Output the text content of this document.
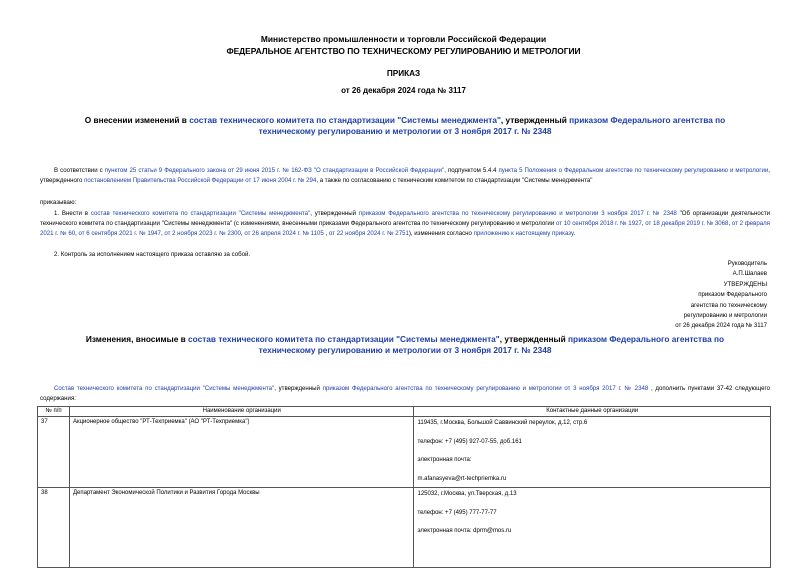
Министерство промышленности и торговли Российской Федерации
ФЕДЕРАЛЬНОЕ АГЕНТСТВО ПО ТЕХНИЧЕСКОМУ РЕГУЛИРОВАНИЮ И МЕТРОЛОГИИ
ПРИКАЗ
от 26 декабря 2024 года № 3117
О внесении изменений в состав технического комитета по стандартизации "Системы менеджмента", утвержденный приказом Федерального агентства по техническому регулированию и метрологии от 3 ноября 2017 г. № 2348
В соответствии с пунктом 25 статьи 9 Федерального закона от 29 июня 2015 г. № 162-ФЗ "О стандартизации в Российской Федерации", подпунктом 5.4.4 пункта 5 Положения о Федеральном агентстве по техническому регулированию и метрологии, утвержденного постановлением Правительства Российской Федерации от 17 июня 2004 г. № 294, а также по согласованию с техническим комитетом по стандартизации "Системы менеджмента"
приказываю:
1. Внести в состав технического комитета по стандартизации "Системы менеджмента", утвержденный приказом Федерального агентства по техническому регулированию и метрологии 3 ноября 2017 г. № 2348 "Об организации деятельности технического комитета по стандартизации "Системы менеджмента" (с изменениями, внесенными приказами Федерального агентства по техническому регулированию и метрологии от 10 сентября 2018 г. № 1927, от 18 декабря 2019 г. № 3068, от 2 февраля 2021 г. № 60, от 6 сентября 2021 г. № 1947, от 2 ноября 2023 г. № 2300, от 26 апреля 2024 г. № 1105 , от 22 ноября 2024 г. № 2751), изменения согласно приложению к настоящему приказу.
2. Контроль за исполнением настоящего приказа оставляю за собой.
Руководитель
А.П.Шалаев
УТВЕРЖДЕНЫ
приказом Федерального
агентства по техническому
регулированию и метрологии
от 26 декабря 2024 года № 3117
Изменения, вносимые в состав технического комитета по стандартизации "Системы менеджмента", утвержденный приказом Федерального агентства по техническому регулированию и метрологии от 3 ноября 2017 г. № 2348
Состав технического комитета по стандартизации "Системы менеджмента", утвержденный приказом Федерального агентства по техническому регулированию и метрологии от 3 ноября 2017 г. № 2348 , дополнить пунктами 37-42 следующего содержания:
№ п/п	Наименование организации	Контактные данные организации
37	Акционерное общество "РТ-Техприемка" (АО "РТ-Техприемка")	119435, г.Москва, Большой Саввинский переулок, д.12, стр.6
телефон: +7 (495) 927-07-55, доб.161
электронная почта:
m.afanasyeva@rt-techpriemka.ru

38	Департамент Экономической Политики и Развития Города Москвы	125032, г.Москва, ул.Тверская, д.13
телефон: +7 (495) 777-77-77
электронная почта: dprm@mos.ru
